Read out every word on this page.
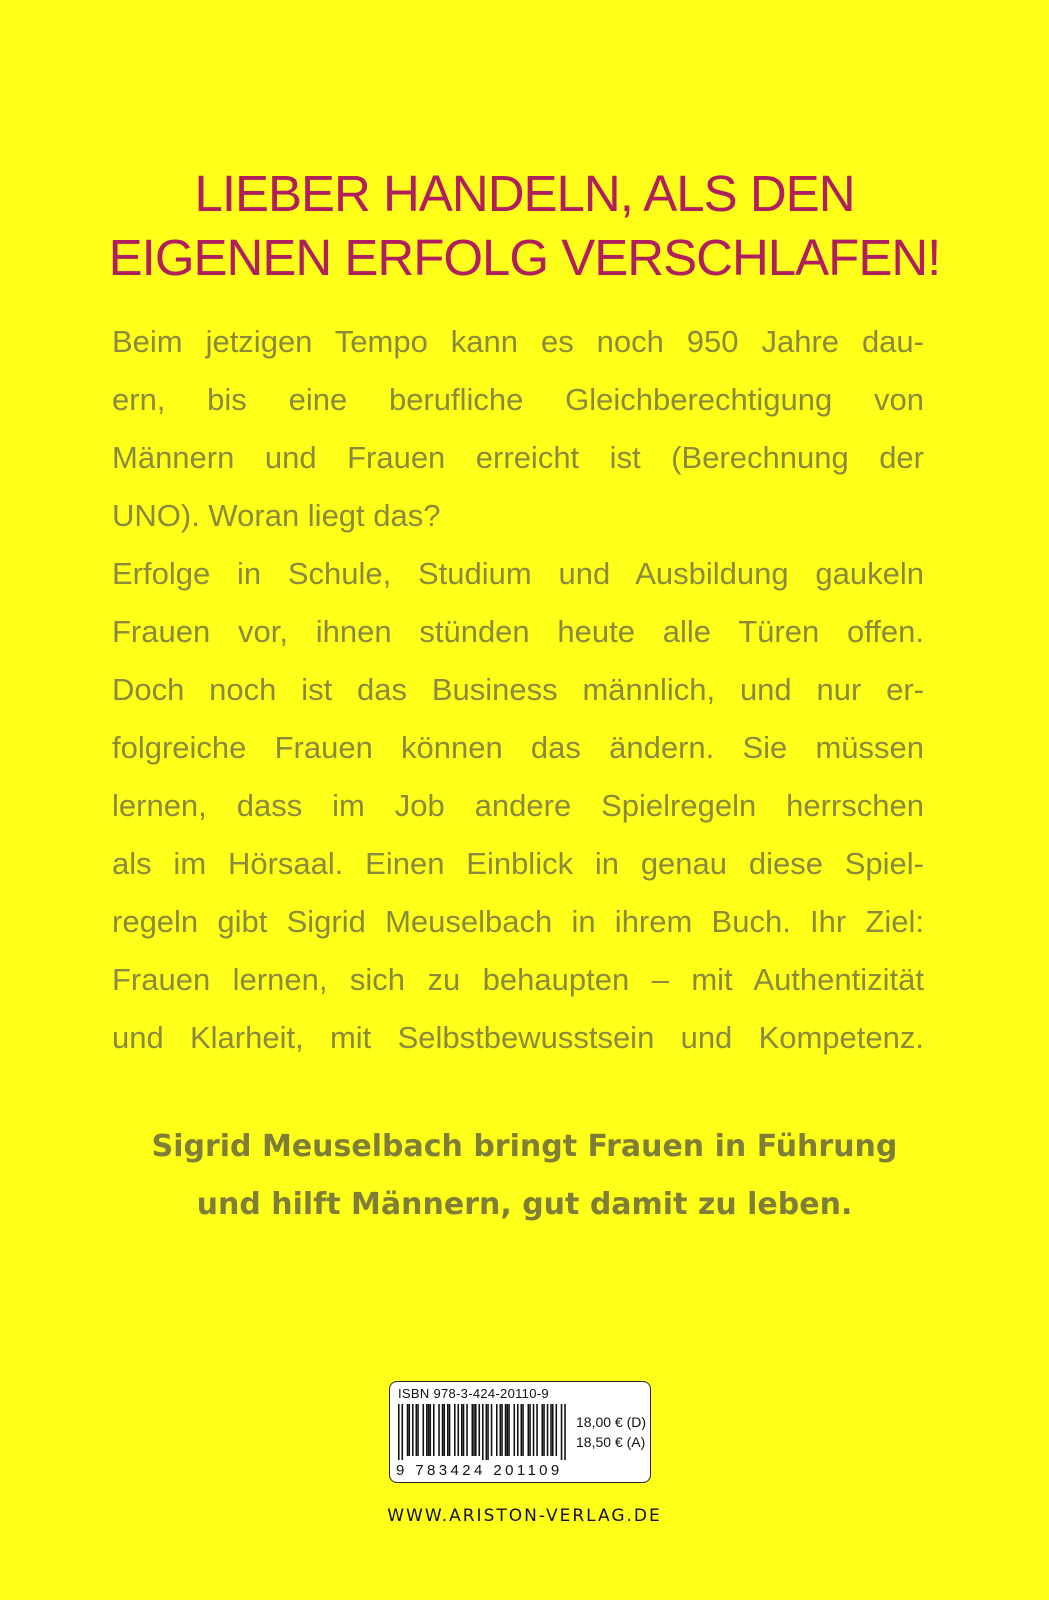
LIEBER HANDELN, ALS DEN
EIGENEN ERFOLG VERSCHLAFEN!
Beim jetzigen Tempo kann es noch 950 Jahre dau-
ern, bis eine berufliche Gleichberechtigung von
Männern und Frauen erreicht ist (Berechnung der
UNO). Woran liegt das?
Erfolge in Schule, Studium und Ausbildung gaukeln
Frauen vor, ihnen stünden heute alle Türen offen.
Doch noch ist das Business männlich, und nur er-
folgreiche Frauen können das ändern. Sie müssen
lernen, dass im Job andere Spielregeln herrschen
als im Hörsaal. Einen Einblick in genau diese Spiel-
regeln gibt Sigrid Meuselbach in ihrem Buch. Ihr Ziel:
Frauen lernen, sich zu behaupten – mit Authentizität
und Klarheit, mit Selbstbewusstsein und Kompetenz.
Sigrid Meuselbach bringt Frauen in Führung
und hilft Männern, gut damit zu leben.
ISBN 978-3-424-20110-9
9 783424 201109
18,00 € (D)
18,50 € (A)
WWW.ARISTON-VERLAG.DE
